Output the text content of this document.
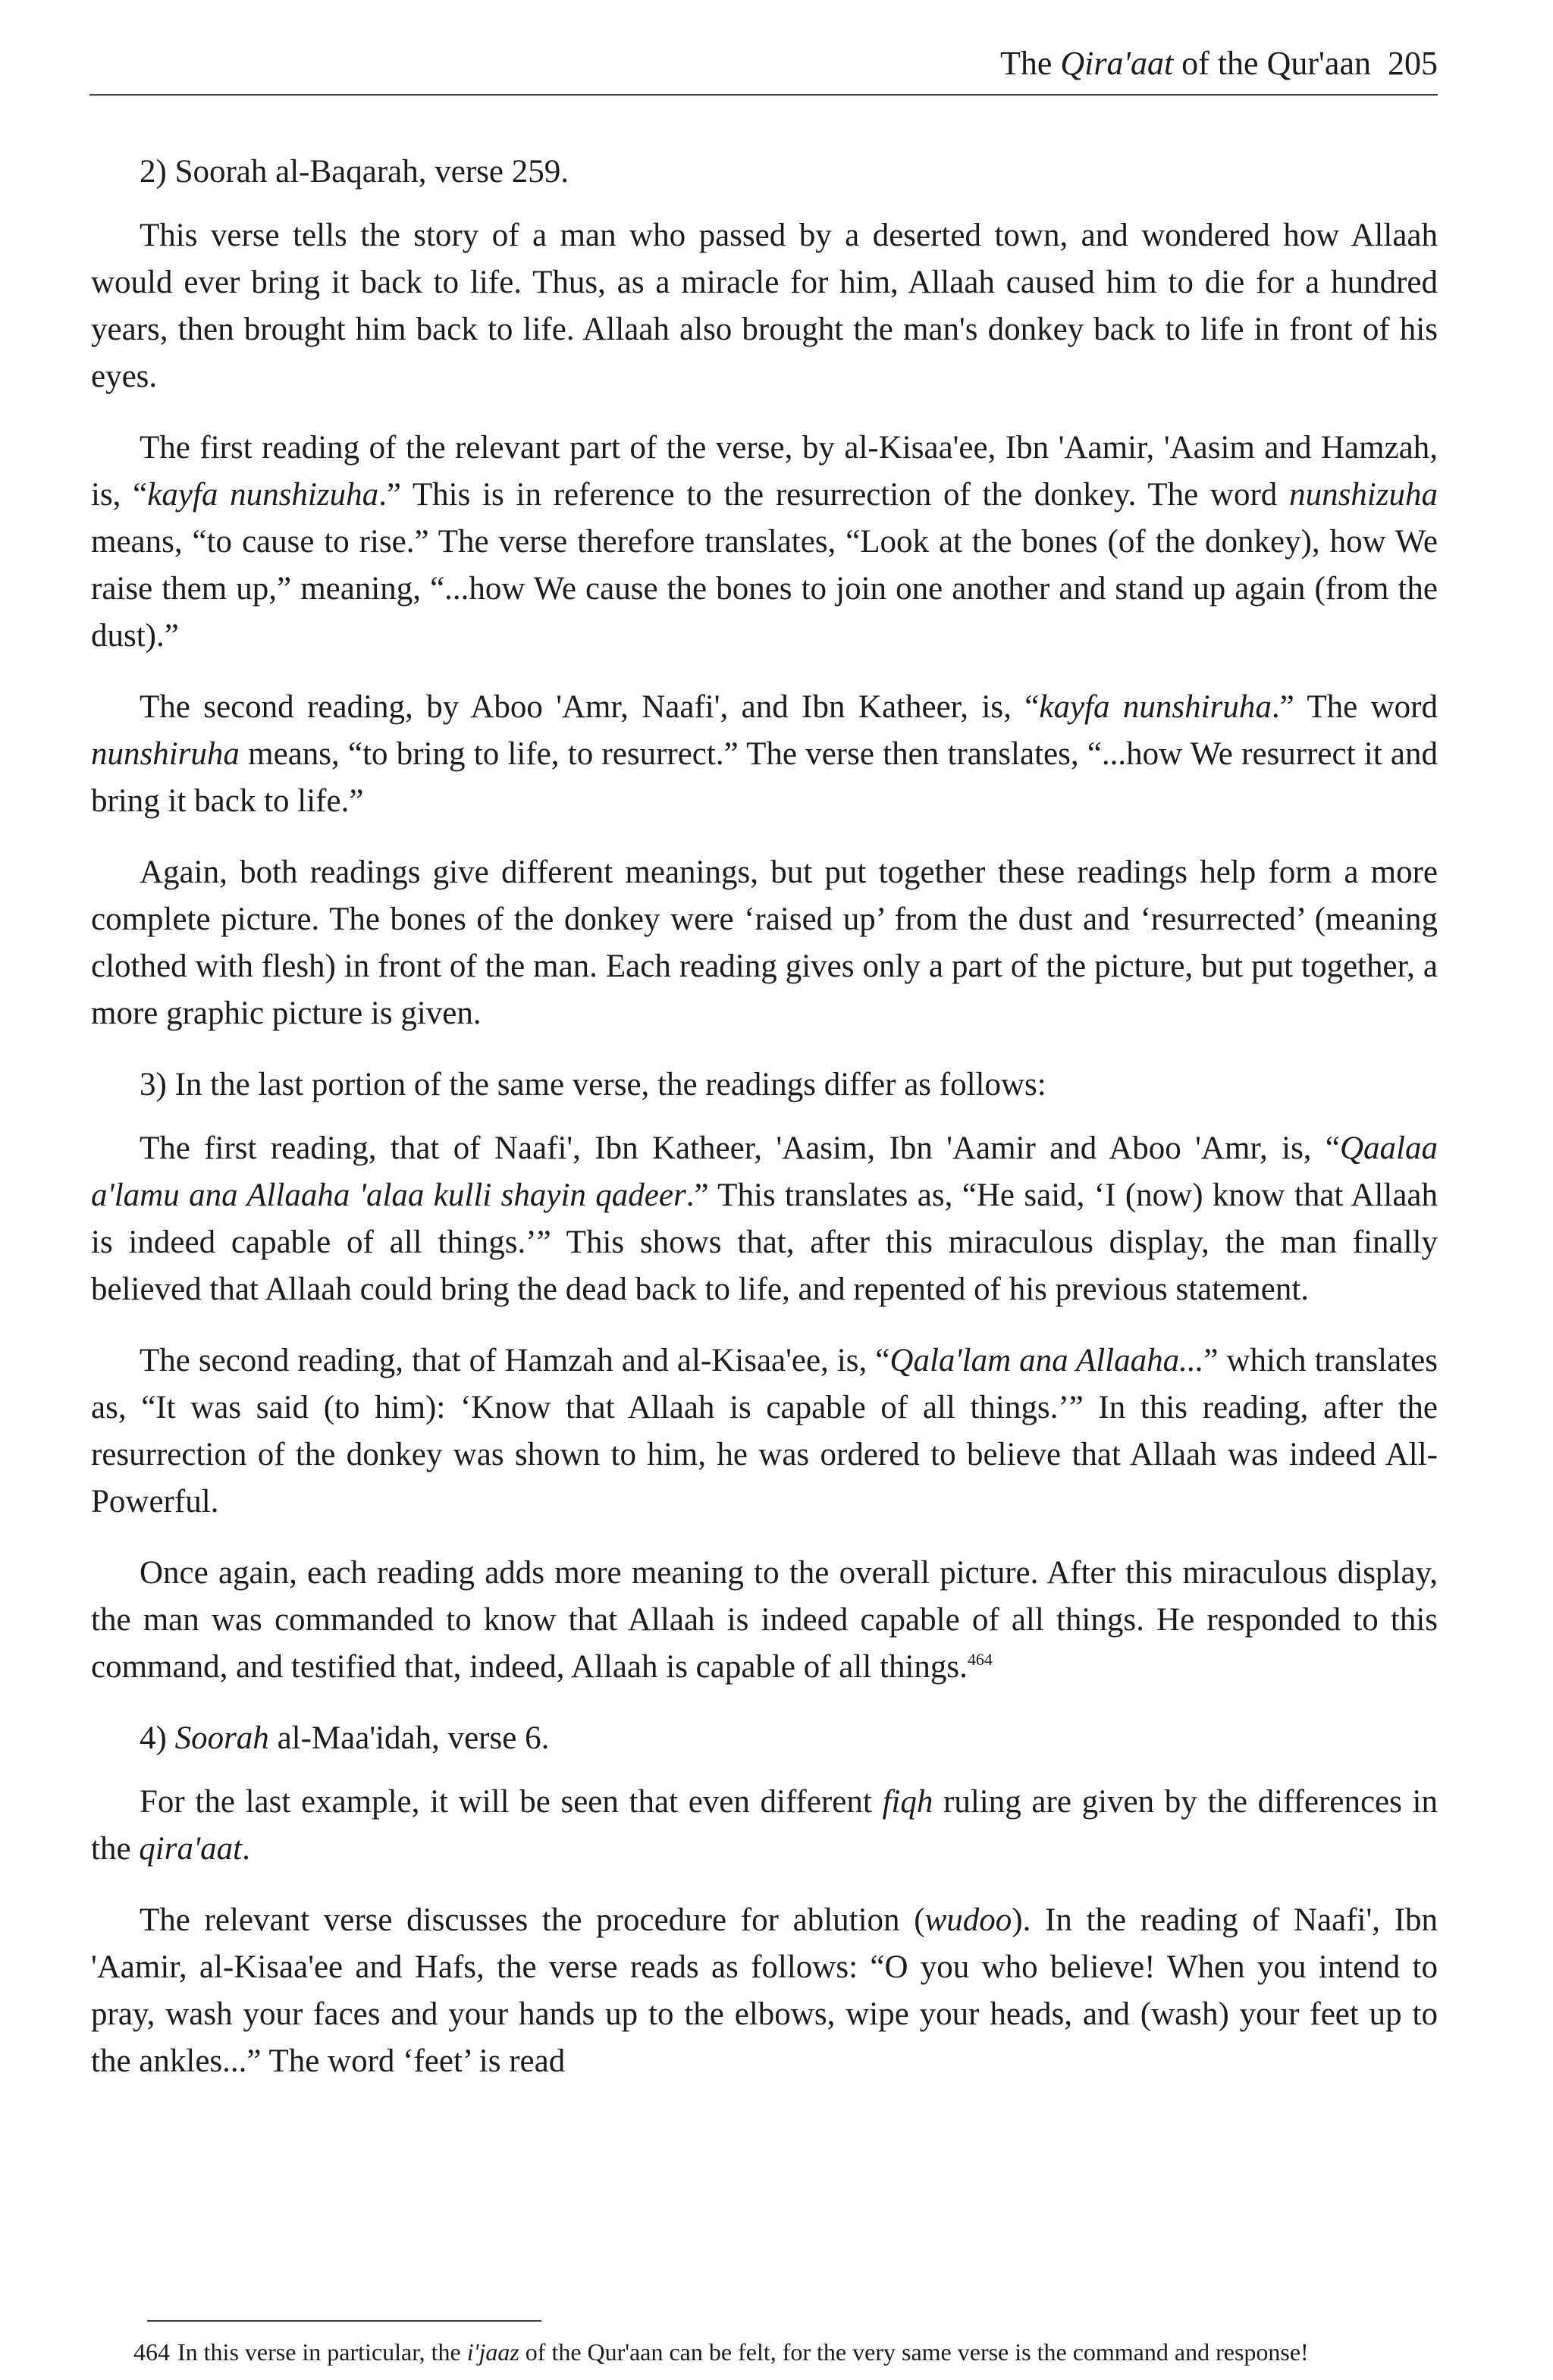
The Qira'aat of the Qur'aan 205

2) Soorah al-Baqarah, verse 259.

This verse tells the story of a man who passed by a deserted town, and wondered how Allaah would ever bring it back to life. Thus, as a miracle for him, Allaah caused him to die for a hundred years, then brought him back to life. Allaah also brought the man's donkey back to life in front of his eyes.

The first reading of the relevant part of the verse, by al-Kisaa'ee, Ibn 'Aamir, 'Aasim and Hamzah, is, “kayfa nunshizuha.” This is in reference to the resurrection of the donkey. The word nunshizuha means, “to cause to rise.” The verse therefore translates, “Look at the bones (of the donkey), how We raise them up,” meaning, “...how We cause the bones to join one another and stand up again (from the dust).”

The second reading, by Aboo 'Amr, Naafi', and Ibn Katheer, is, “kayfa nunshiruha.” The word nunshiruha means, “to bring to life, to resurrect.” The verse then translates, “...how We resurrect it and bring it back to life.”

Again, both readings give different meanings, but put together these readings help form a more complete picture. The bones of the donkey were ‘raised up’ from the dust and ‘resurrected’ (meaning clothed with flesh) in front of the man. Each reading gives only a part of the picture, but put together, a more graphic picture is given.

3) In the last portion of the same verse, the readings differ as follows:

The first reading, that of Naafi', Ibn Katheer, 'Aasim, Ibn 'Aamir and Aboo 'Amr, is, “Qaalaa a'lamu ana Allaaha 'alaa kulli shayin qadeer.” This translates as, “He said, ‘I (now) know that Allaah is indeed capable of all things.’” This shows that, after this miraculous display, the man finally believed that Allaah could bring the dead back to life, and repented of his previous statement.

The second reading, that of Hamzah and al-Kisaa'ee, is, “Qala'lam ana Allaaha...” which translates as, “It was said (to him): ‘Know that Allaah is capable of all things.’” In this reading, after the resurrection of the donkey was shown to him, he was ordered to believe that Allaah was indeed All-Powerful.

Once again, each reading adds more meaning to the overall picture. After this miraculous display, the man was commanded to know that Allaah is indeed capable of all things. He responded to this command, and testified that, indeed, Allaah is capable of all things.$^{464}$

4) Soorah al-Maa'idah, verse 6.

For the last example, it will be seen that even different fiqh ruling are given by the differences in the qira'aat.

The relevant verse discusses the procedure for ablution (wudoo). In the reading of Naafi', Ibn 'Aamir, al-Kisaa'ee and Hafs, the verse reads as follows: “O you who believe! When you intend to pray, wash your faces and your hands up to the elbows, wipe your heads, and (wash) your feet up to the ankles...” The word ‘feet’ is read

464 In this verse in particular, the i'jaaz of the Qur'aan can be felt, for the very same verse is the command and response!
